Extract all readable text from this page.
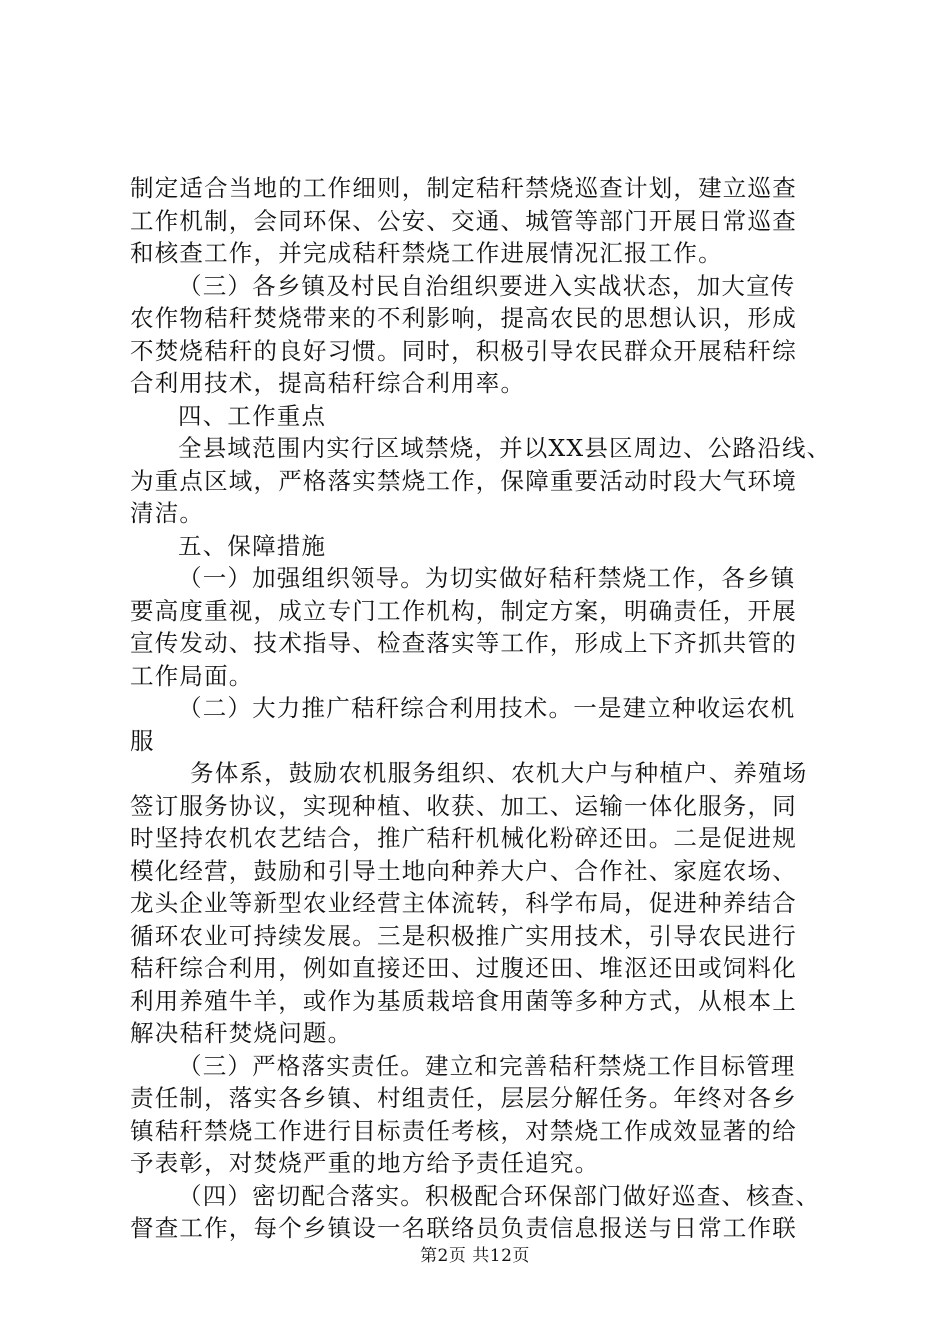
制定适合当地的工作细则，制定秸秆禁烧巡查计划，建立巡查
工作机制，会同环保、公安、交通、城管等部门开展日常巡查
和核查工作，并完成秸秆禁烧工作进展情况汇报工作。
（三）各乡镇及村民自治组织要进入实战状态，加大宣传
农作物秸秆焚烧带来的不利影响，提高农民的思想认识，形成
不焚烧秸秆的良好习惯。同时，积极引导农民群众开展秸秆综
合利用技术，提高秸秆综合利用率。
四、工作重点
全县域范围内实行区域禁烧，并以XX县区周边、公路沿线、
为重点区域，严格落实禁烧工作，保障重要活动时段大气环境
清洁。
五、保障措施
（一）加强组织领导。为切实做好秸秆禁烧工作，各乡镇
要高度重视，成立专门工作机构，制定方案，明确责任，开展
宣传发动、技术指导、检查落实等工作，形成上下齐抓共管的
工作局面。
（二）大力推广秸秆综合利用技术。一是建立种收运农机
服
务体系，鼓励农机服务组织、农机大户与种植户、养殖场
签订服务协议，实现种植、收获、加工、运输一体化服务，同
时坚持农机农艺结合，推广秸秆机械化粉碎还田。二是促进规
模化经营，鼓励和引导土地向种养大户、合作社、家庭农场、
龙头企业等新型农业经营主体流转，科学布局，促进种养结合
循环农业可持续发展。三是积极推广实用技术，引导农民进行
秸秆综合利用，例如直接还田、过腹还田、堆沤还田或饲料化
利用养殖牛羊，或作为基质栽培食用菌等多种方式，从根本上
解决秸秆焚烧问题。
（三）严格落实责任。建立和完善秸秆禁烧工作目标管理
责任制，落实各乡镇、村组责任，层层分解任务。年终对各乡
镇秸秆禁烧工作进行目标责任考核，对禁烧工作成效显著的给
予表彰，对焚烧严重的地方给予责任追究。
（四）密切配合落实。积极配合环保部门做好巡查、核查、
督查工作，每个乡镇设一名联络员负责信息报送与日常工作联
第2页 共12页
